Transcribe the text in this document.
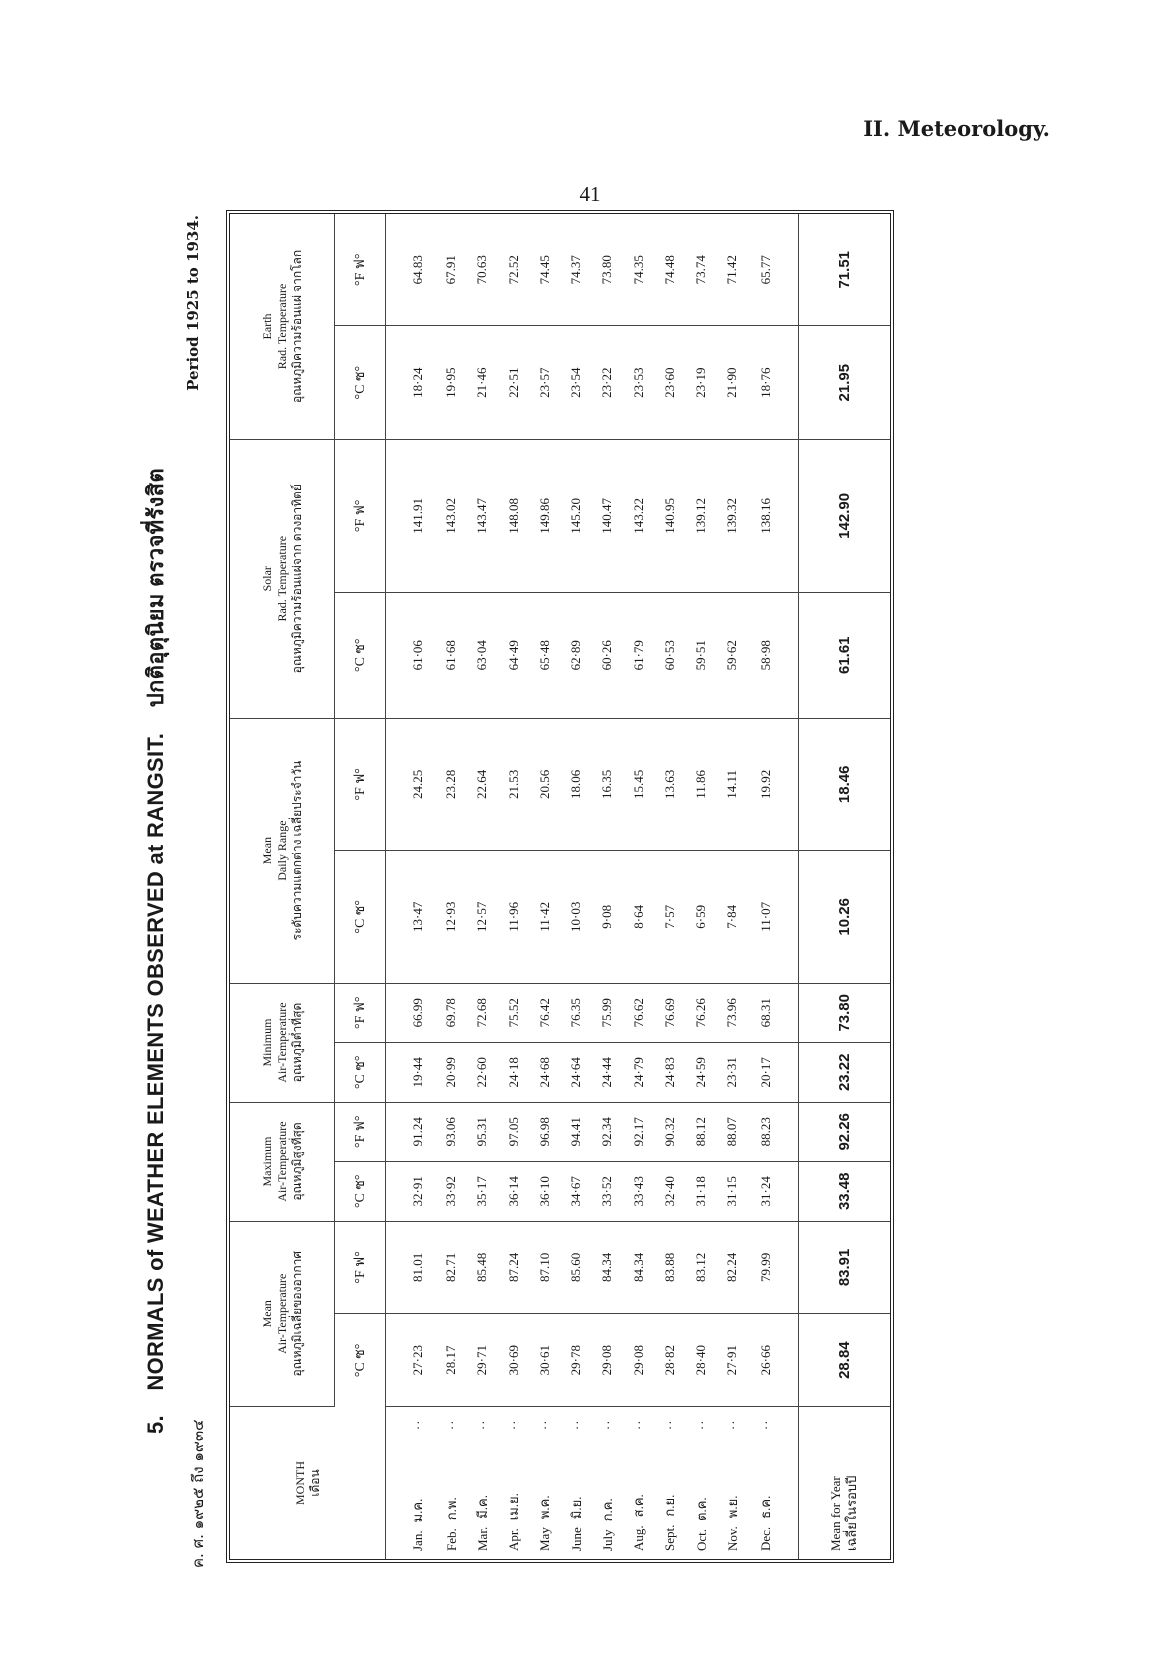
II. Meteorology.
41
5. NORMALS of WEATHER ELEMENTS OBSERVED at RANGSIT.    ปกติอุตุนิยม ตรวจที่รังสิต
ค. ศ. ๑๙๒๕ ถึง ๑๙๓๔
Period 1925 to 1934.
MONTH เดือน	Mean Air-Temperature อุณหภูมิเฉลี่ยของอากาศ		Maximum Air-Temperature อุณหภูมิสูงที่สุด		Minimum Air-Temperature อุณหภูมิต่ำที่สุด		Mean Daily Range ระดับความแตกต่าง เฉลี่ยประจำวัน		Solar Rad. Temperature อุณหภูมิความร้อนแผ่จาก ดวงอาทิตย์		Earth Rad. Temperature อุณหภูมิความร้อนแผ่ จากโลก	

	°C ซ°	°F ฟ°	°C ซ°	°F ฟ°	°C ซ°	°F ฟ°	°C ซ°	°F ฟ°	°C ซ°	°F ฟ°	°C ซ°	°F ฟ°
Jan.ม.ค.
..	27·23	81.01	32·91	91.24	19·44	66.99	13·47	24.25	61·06	141.91	18·24	64.83
Feb.ก.พ.
..	28.17	82.71	33·92	93.06	20·99	69.78	12·93	23.28	61·68	143.02	19·95	67.91
Mar.มี.ค.
..	29·71	85.48	35·17	95.31	22·60	72.68	12·57	22.64	63·04	143.47	21·46	70.63
Apr.เม.ย.
..	30·69	87.24	36·14	97.05	24·18	75.52	11·96	21.53	64·49	148.08	22·51	72.52
Mayพ.ค.
..	30·61	87.10	36·10	96.98	24·68	76.42	11·42	20.56	65·48	149.86	23·57	74.45
Juneมิ.ย.
..	29·78	85.60	34·67	94.41	24·64	76.35	10·03	18.06	62·89	145.20	23·54	74.37
Julyก.ค.
..	29·08	84.34	33·52	92.34	24·44	75.99	9·08	16.35	60·26	140.47	23·22	73.80
Aug.ส.ค.
..	29·08	84.34	33·43	92.17	24·79	76.62	8·64	15.45	61·79	143.22	23·53	74.35
Sept.ก.ย.
..	28·82	83.88	32·40	90.32	24·83	76.69	7·57	13.63	60·53	140.95	23·60	74.48
Oct.ต.ค.
..	28·40	83.12	31·18	88.12	24·59	76.26	6·59	11.86	59·51	139.12	23·19	73.74
Nov.พ.ย.
..	27·91	82.24	31·15	88.07	23·31	73.96	7·84	14.11	59·62	139.32	21·90	71.42
Dec.ธ.ค.
..	26·66	79.99	31·24	88.23	20·17	68.31	11·07	19.92	58·98	138.16	18·76	65.77

Mean for Year เฉลี่ยในรอบปี	28.84	83.91	33.48	92.26	23.22	73.80	10.26	18.46	61.61	142.90	21.95	71.51
